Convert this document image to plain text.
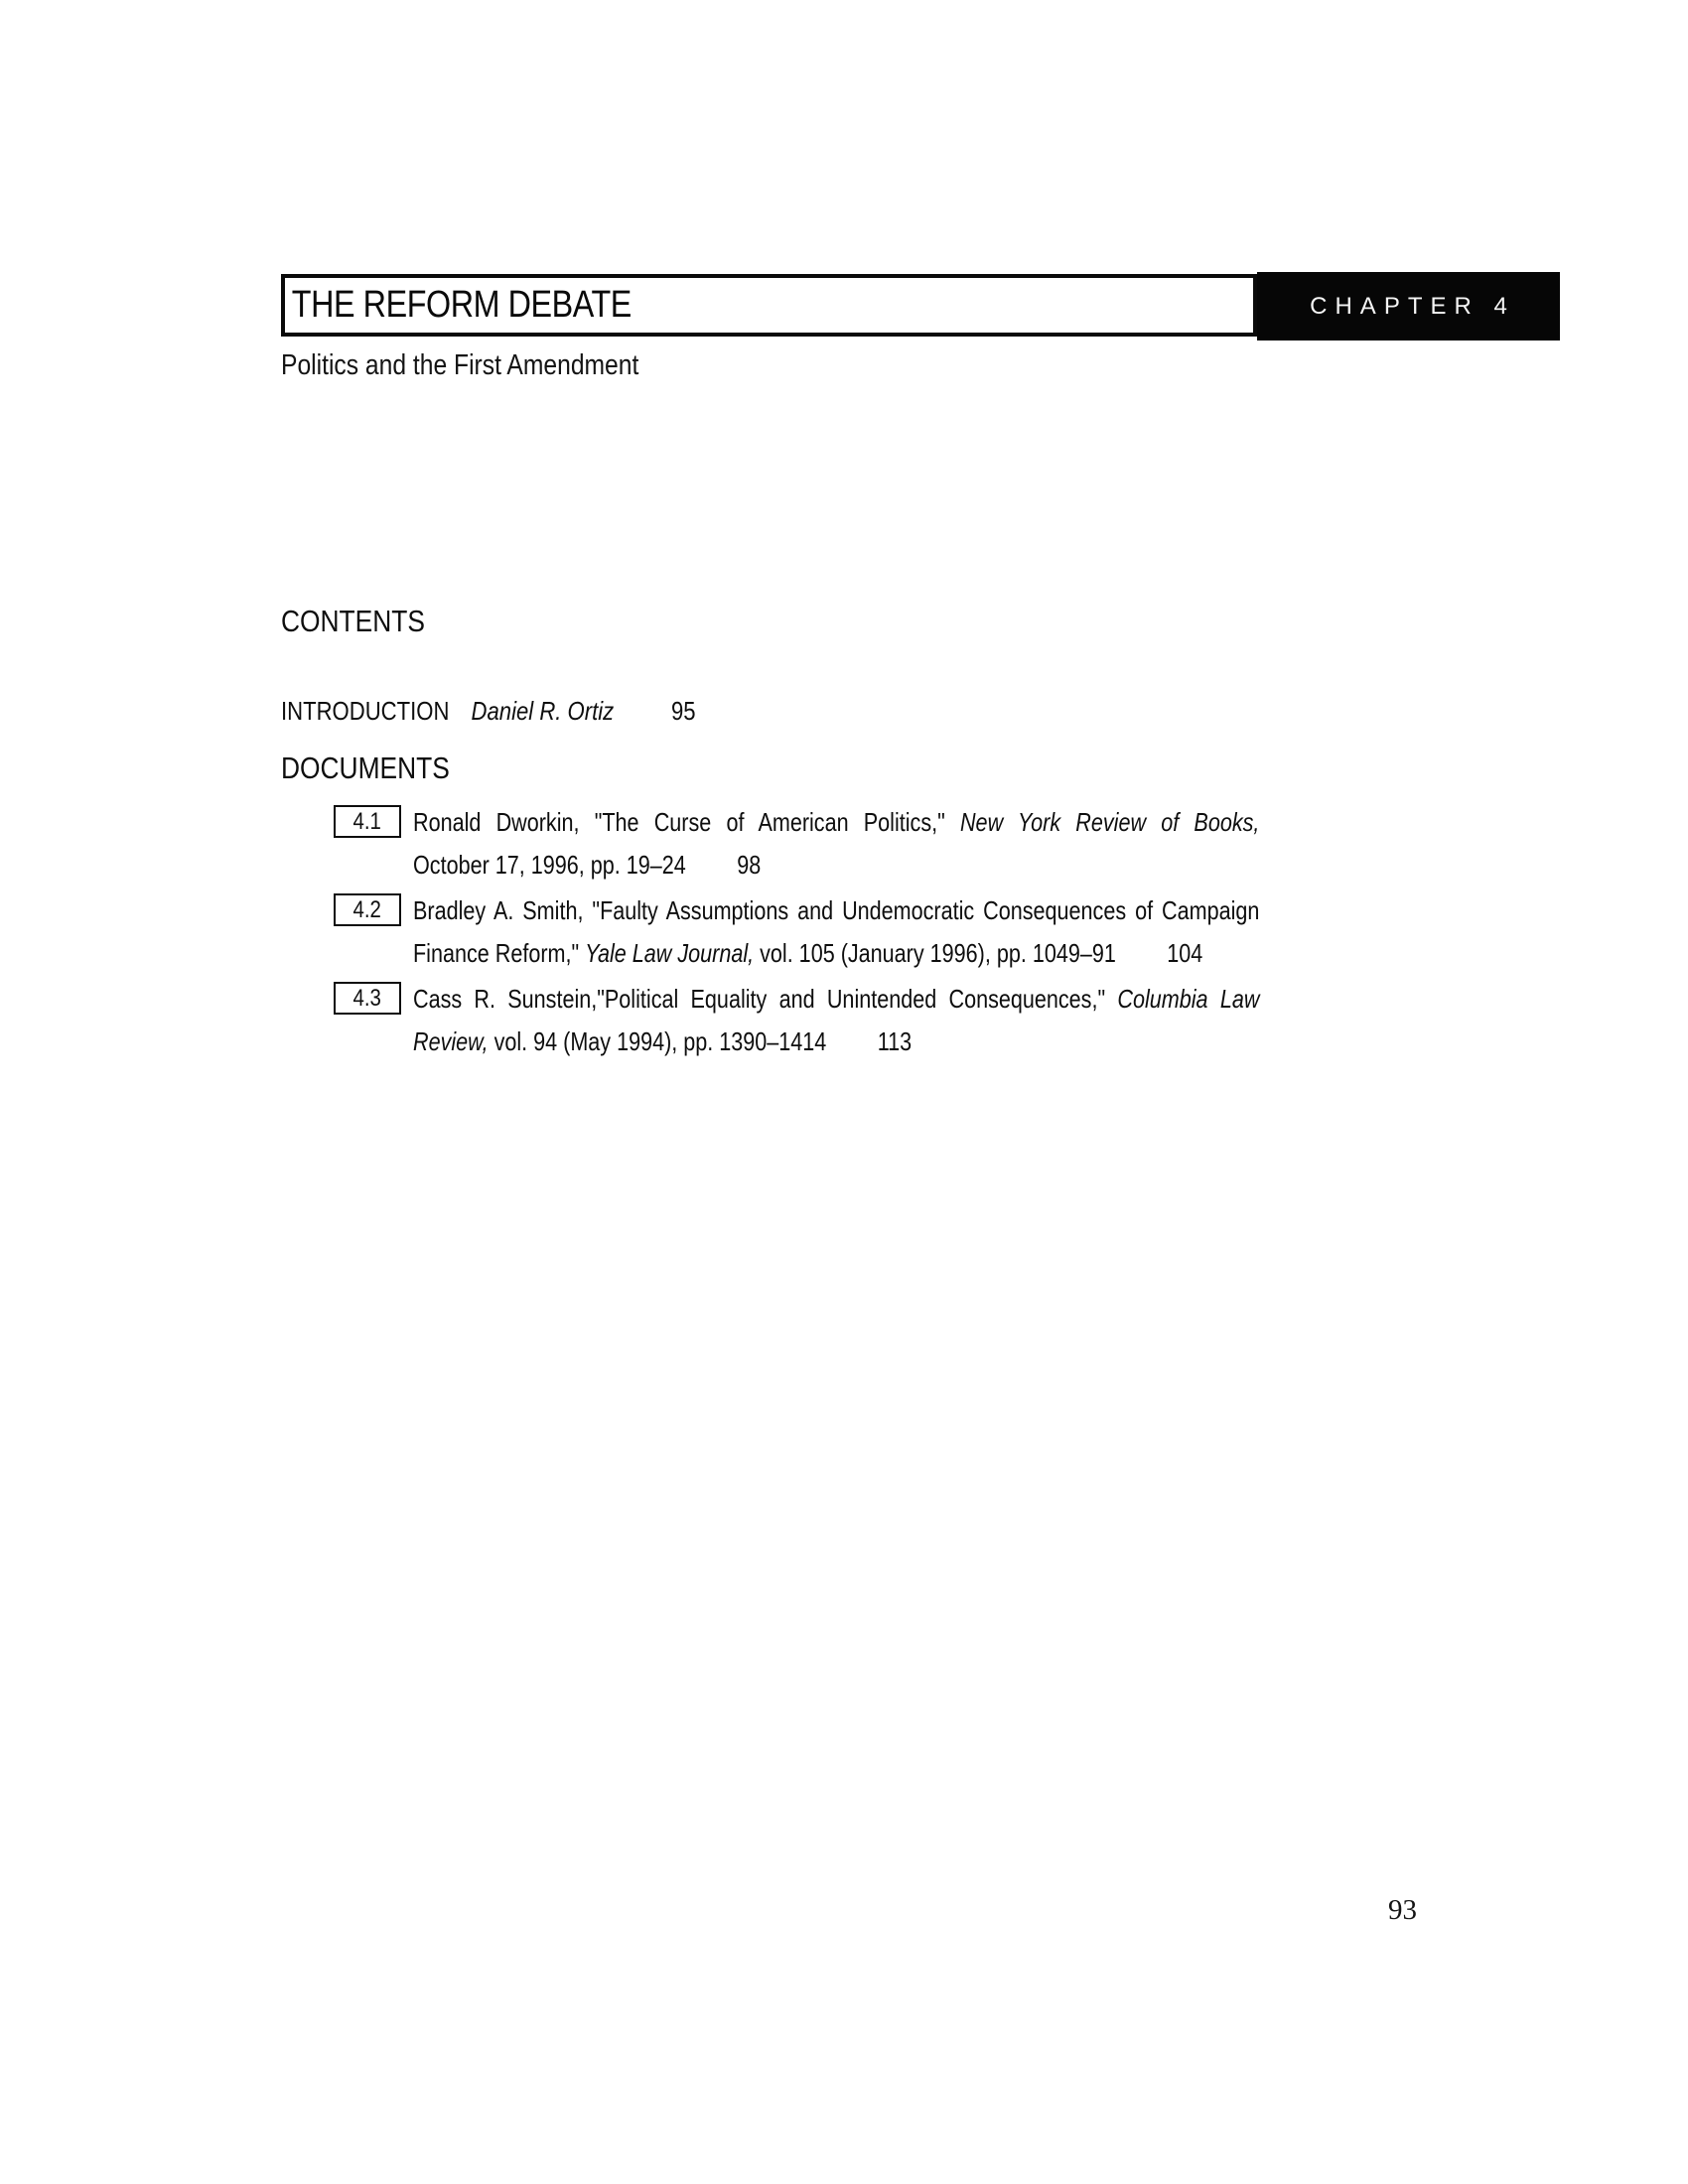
THE REFORM DEBATE	CHAPTER 4
Politics and the First Amendment
CONTENTS
INTRODUCTION Daniel R. Ortiz 95
DOCUMENTS
4.1 Ronald Dworkin, "The Curse of American Politics," New York Review of Books,
October 17, 1996, pp. 19–24 98
4.2 Bradley A. Smith, "Faulty Assumptions and Undemocratic Consequences of Campaign
Finance Reform," Yale Law Journal, vol. 105 (January 1996), pp. 1049–91 104
4.3 Cass R. Sunstein,"Political Equality and Unintended Consequences," Columbia Law
Review, vol. 94 (May 1994), pp. 1390–1414 113
93
